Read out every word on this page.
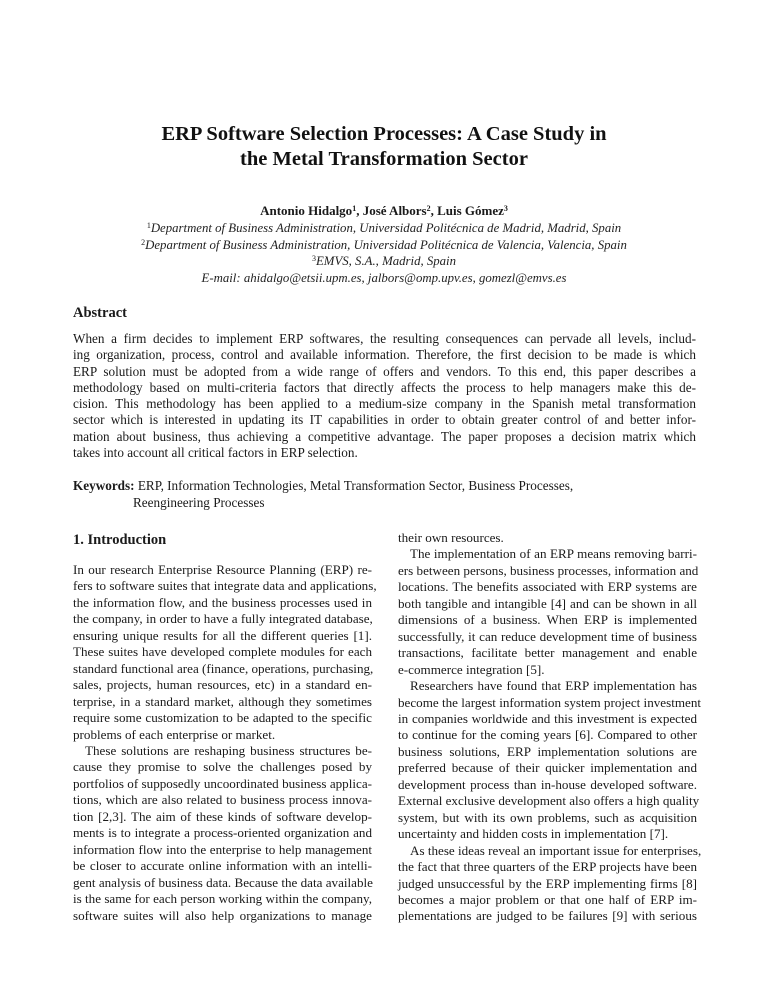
ERP Software Selection Processes: A Case Study in
the Metal Transformation Sector
Antonio Hidalgo$^1$, José Albors$^2$, Luis Gómez$^3$
$^1$Department of Business Administration, Universidad Politécnica de Madrid, Madrid, Spain
$^2$Department of Business Administration, Universidad Politécnica de Valencia, Valencia, Spain
$^3$EMVS, S.A., Madrid, Spain
E-mail: ahidalgo@etsii.upm.es, jalbors@omp.upv.es, gomezl@emvs.es
Abstract
When a firm decides to implement ERP softwares, the resulting consequences can pervade all levels, includ-
ing organization, process, control and available information. Therefore, the first decision to be made is which
ERP solution must be adopted from a wide range of offers and vendors. To this end, this paper describes a
methodology based on multi-criteria factors that directly affects the process to help managers make this de-
cision. This methodology has been applied to a medium-size company in the Spanish metal transformation
sector which is interested in updating its IT capabilities in order to obtain greater control of and better infor-
mation about business, thus achieving a competitive advantage. The paper proposes a decision matrix which
takes into account all critical factors in ERP selection.
Keywords: ERP, Information Technologies, Metal Transformation Sector, Business Processes,
Reengineering Processes
1. Introduction
In our research Enterprise Resource Planning (ERP) re-
fers to software suites that integrate data and applications,
the information flow, and the business processes used in
the company, in order to have a fully integrated database,
ensuring unique results for all the different queries [1].
These suites have developed complete modules for each
standard functional area (finance, operations, purchasing,
sales, projects, human resources, etc) in a standard en-
terprise, in a standard market, although they sometimes
require some customization to be adapted to the specific
problems of each enterprise or market.
These solutions are reshaping business structures be-
cause they promise to solve the challenges posed by
portfolios of supposedly uncoordinated business applica-
tions, which are also related to business process innova-
tion [2,3]. The aim of these kinds of software develop-
ments is to integrate a process-oriented organization and
information flow into the enterprise to help management
be closer to accurate online information with an intelli-
gent analysis of business data. Because the data available
is the same for each person working within the company,
software suites will also help organizations to manage
their own resources.
The implementation of an ERP means removing barri-
ers between persons, business processes, information and
locations. The benefits associated with ERP systems are
both tangible and intangible [4] and can be shown in all
dimensions of a business. When ERP is implemented
successfully, it can reduce development time of business
transactions, facilitate better management and enable
e-commerce integration [5].
Researchers have found that ERP implementation has
become the largest information system project investment
in companies worldwide and this investment is expected
to continue for the coming years [6]. Compared to other
business solutions, ERP implementation solutions are
preferred because of their quicker implementation and
development process than in-house developed software.
External exclusive development also offers a high quality
system, but with its own problems, such as acquisition
uncertainty and hidden costs in implementation [7].
As these ideas reveal an important issue for enterprises,
the fact that three quarters of the ERP projects have been
judged unsuccessful by the ERP implementing firms [8]
becomes a major problem or that one half of ERP im-
plementations are judged to be failures [9] with serious
